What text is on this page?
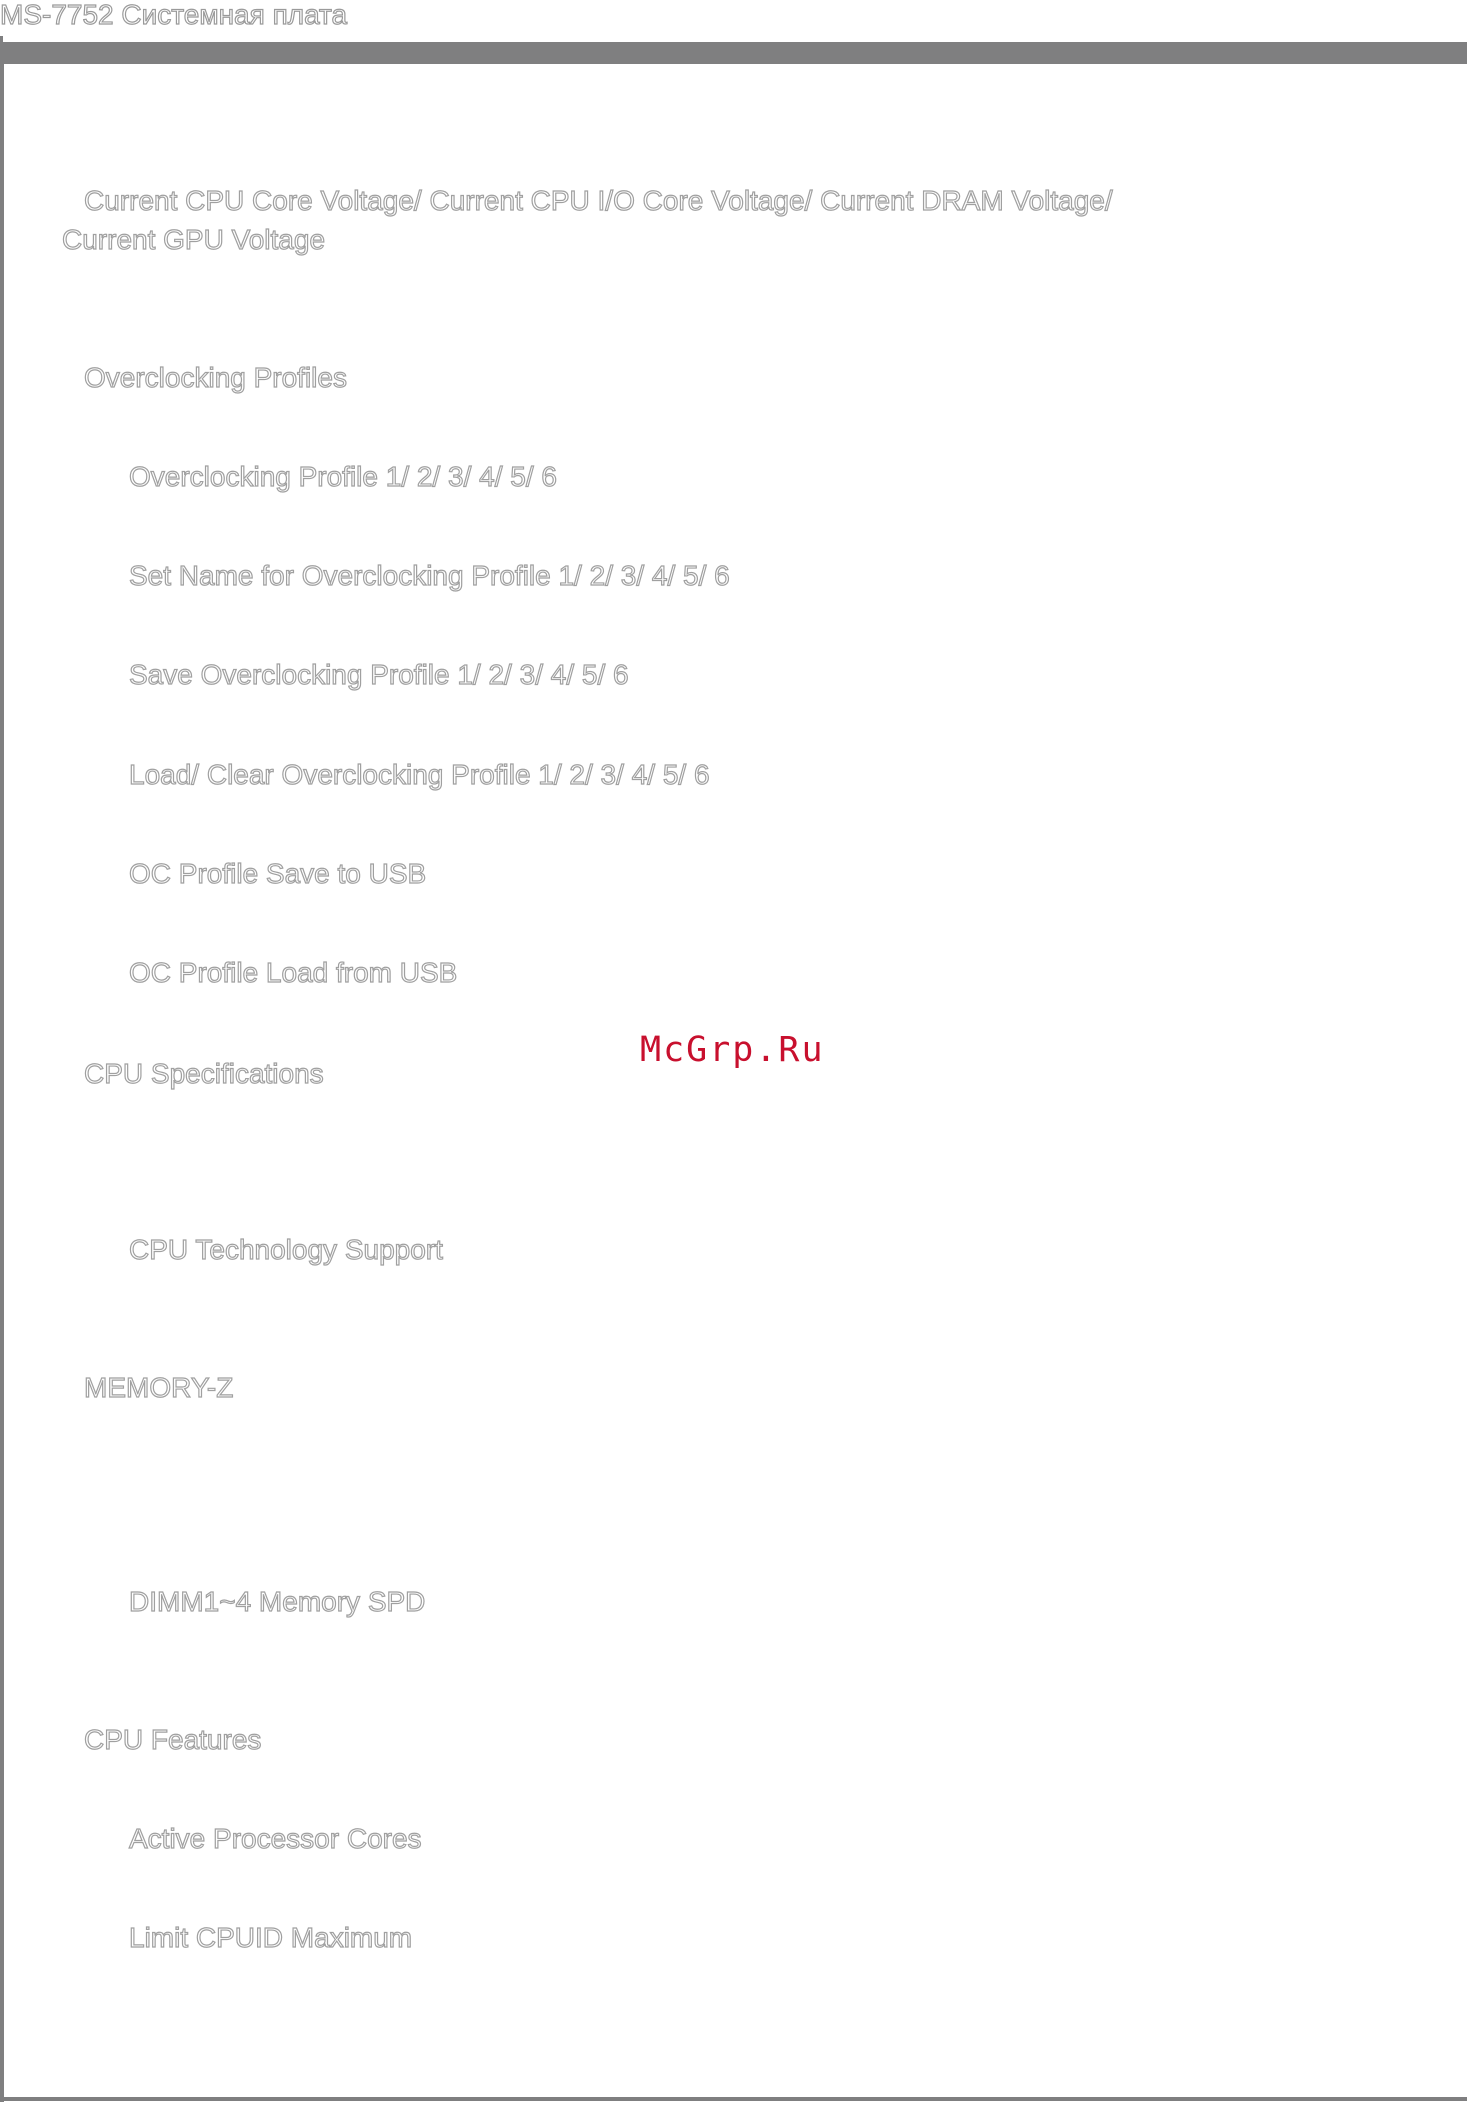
MS-7752 Системная плата
Current CPU Core Voltage/ Current CPU I/O Core Voltage/ Current DRAM Voltage/
Current GPU Voltage
Overclocking Profiles
Overclocking Profile 1/ 2/ 3/ 4/ 5/ 6
Set Name for Overclocking Profile 1/ 2/ 3/ 4/ 5/ 6
Save Overclocking Profile 1/ 2/ 3/ 4/ 5/ 6
Load/ Clear Overclocking Profile 1/ 2/ 3/ 4/ 5/ 6
OC Profile Save to USB
OC Profile Load from USB
CPU Specifications
CPU Technology Support
MEMORY-Z
DIMM1~4 Memory SPD
CPU Features
Active Processor Cores
Limit CPUID Maximum
McGrp.Ru
